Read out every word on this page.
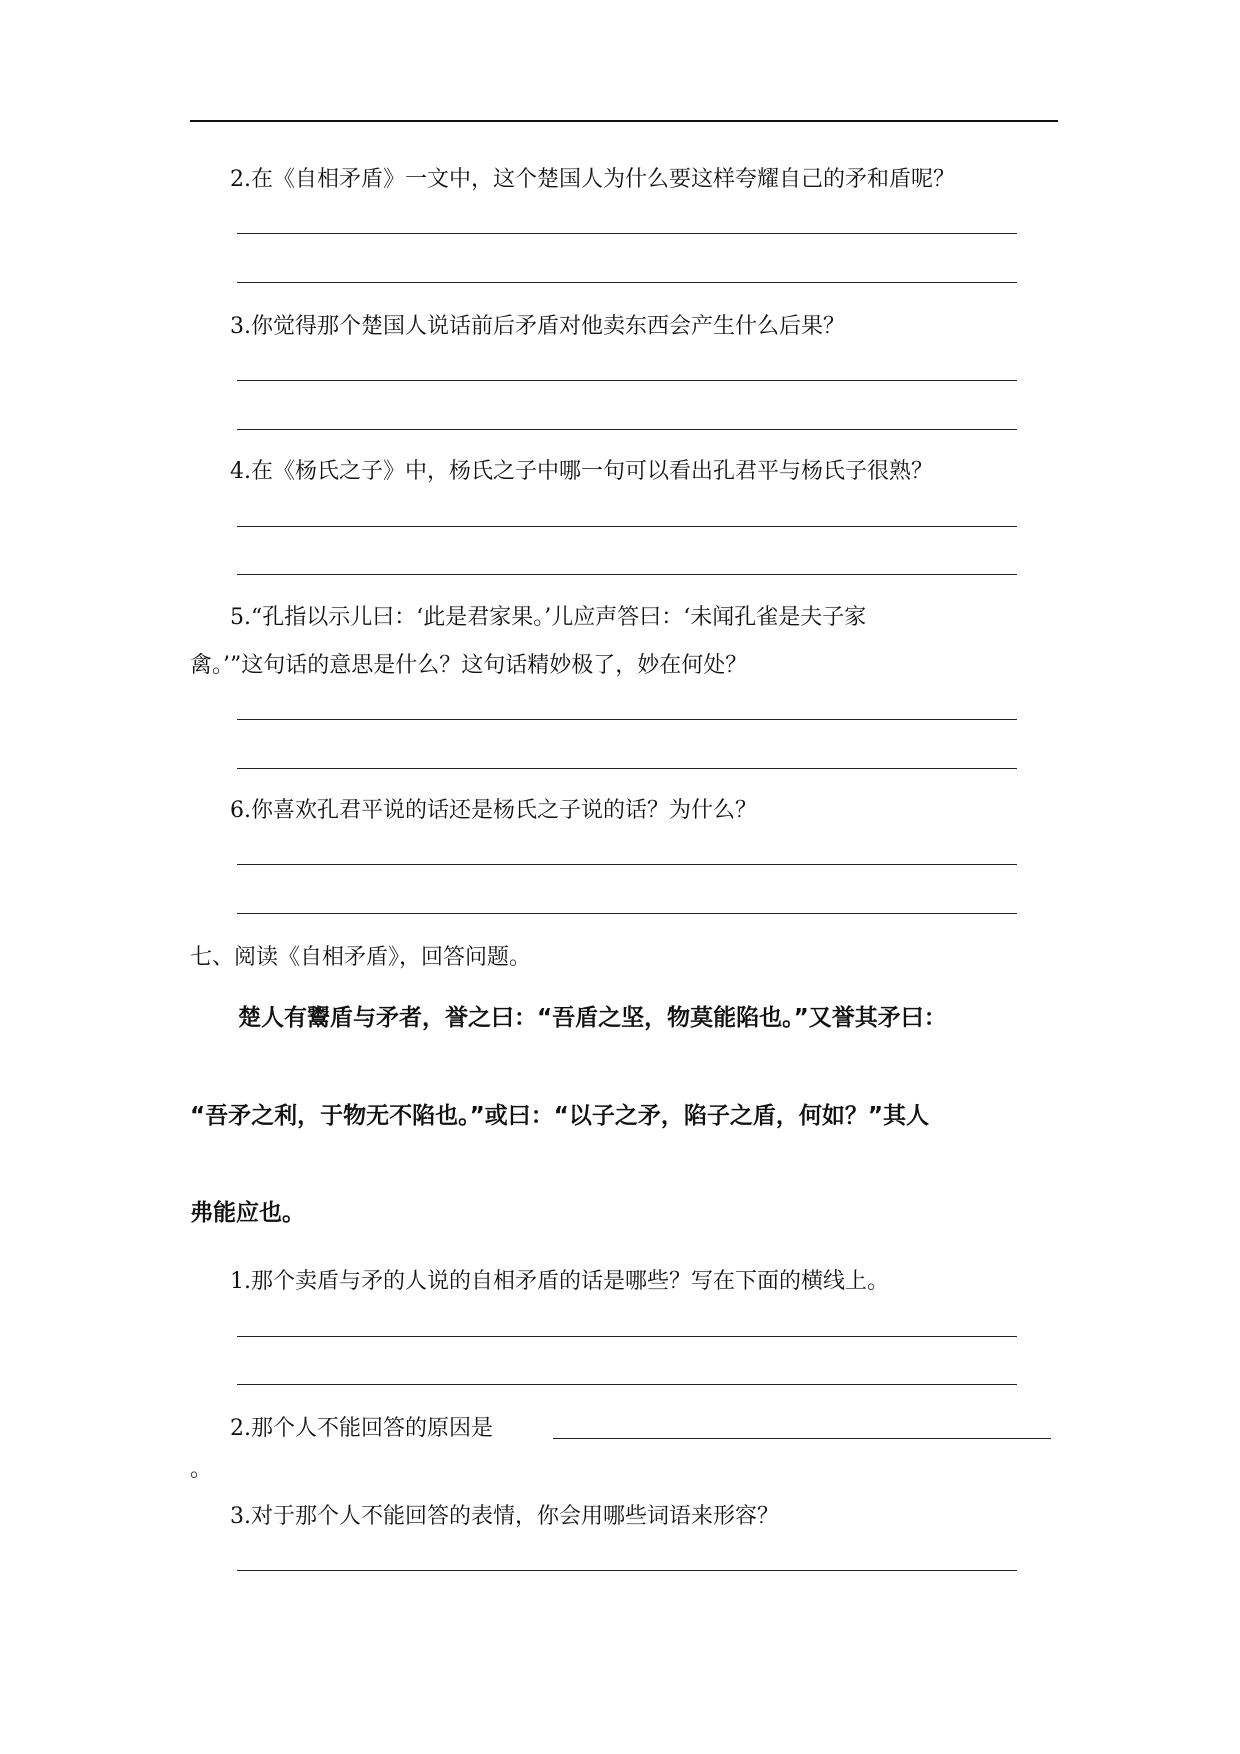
2.在《自相矛盾》一文中，这个楚国人为什么要这样夸耀自己的矛和盾呢？
3.你觉得那个楚国人说话前后矛盾对他卖东西会产生什么后果？
4.在《杨氏之子》中，杨氏之子中哪一句可以看出孔君平与杨氏子很熟？
5.“孔指以示儿曰：‘此是君家果。’儿应声答曰：‘未闻孔雀是夫子家
禽。’”这句话的意思是什么？这句话精妙极了，妙在何处？
6.你喜欢孔君平说的话还是杨氏之子说的话？为什么？
七、阅读《自相矛盾》，回答问题。
楚人有鬻盾与矛者，誉之曰：“吾盾之坚，物莫能陷也。”又誉其矛曰：
“吾矛之利，于物无不陷也。”或曰：“以子之矛，陷子之盾，何如？”其人
弗能应也。
1.那个卖盾与矛的人说的自相矛盾的话是哪些？写在下面的横线上。
2.那个人不能回答的原因是
。
3.对于那个人不能回答的表情，你会用哪些词语来形容？
